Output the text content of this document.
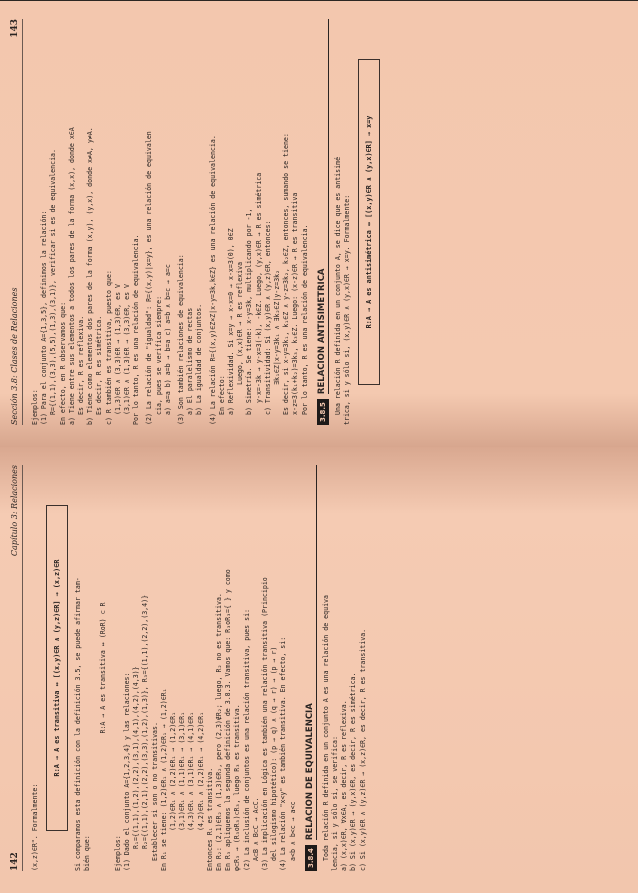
142
Capítulo 3: Relaciones
(x,z)∈R". Formalmente:
R:A → A es transitiva ↔ [(x,y)∈R ∧ (y,z)∈R] → (x,z)∈R	Si comparamos esta definición con la definición 3.5, se puede afirmar tam- bién que:
R:A → A es transitiva ↔ (RoR) ⊂ R
Ejemplos: (1) Dado el conjunto A={1,2,3,4} y las relaciones: R₁={(1,1),(1,2),(2,2),(3,1),(4,1),(4,2),(4,3)} R₂={(1,1),(2,1),(2,2),(3,3),(1,2),(1,3)}, R₃={(1,1),(2,2),(3,4)} Establecer si son o no transitivas. En R₁ se tiene: (1,2)∈R₁ ∧ (1,2)∈R₁ → (1,2)∈R₁ (1,2)∈R₁ ∧ (2,2)∈R₁ → (1,2)∈R₁ (3,1)∈R₁ ∧ (1,1)∈R₁ → (3,1)∈R₁ (4,3)∈R₁ ∧ (3,1)∈R₁ → (4,1)∈R₁ (4,2)∈R₁ ∧ (2,2)∈R₁ → (4,2)∈R₁ Entonces R₁ es transitiva. En R₂: (2,1)∈R₂ ∧ (1,3)∈R₂, pero (2,3)∉R₂; luego, R₂ no es transitiva. En R₃ apliquemos la segunda definición de 3.8.3. Vamos que: R₃oR₃={ } y como φ⊂R₃ → (R₃oR₃)⊂R₃, luego R₃ es transitiva. (2) La inclusión de conjuntos es una relación transitiva, pues si: A⊂B ∧ B⊂C → A⊂C. (3) La implicación en Lógica es también una relación transitiva (Principio del silogismo hipotético): (p → q) ∧ (q → r) → (p → r) (4) La relación "x<y" es también transitiva. En efecto, si: a<b ∧ b<c → a<c 3.8.4
RELACION DE EQUIVALENCIA	Toda relación R definida en un conjunto A es una relación de equiva lencia, si y sólo si, se verifica: a) (x,x)∈R, ∀x∈A, es decir, R es reflexiva. b) Si (x,y)∈R → (y,x)∈R, es decir, R es simétrica. c) Si (x,y)∈R ∧ (y,z)∈R → (x,z)∈R, es decir, R es transitiva.
Sección 3.8: Clases de Relaciones
143
Ejemplos: (1) Para el conjunto A={1,3,5}, definimos la relación: R={(1,1),(3,3),(5,5),(1,3),(3,1)}, verificar si es de equivalencia. En efecto, en R observamos que: a) Tiene entre sus elementos a todos los pares de la forma (x,x), donde x∈A Es decir, R es reflexiva. b) Tiene como elementos dos pares de la forma (x,y), (y,x), donde x≠A, y≠A. Es decir, R es simétrica. c) R también es transitiva, puesto que: (1,3)∈R ∧ (3,3)∈R → (1,3)∈R, es V (3,1)∈R ∧ (1,3)∈R → (3,3)∈R, es V Por lo tanto, R es una relación de equivalencia. (2) La relación de "igualdad": R={(x,y)|x=y}, es una relación de equivalen cia, pues se verifica siempre: a) a=a b) a=b → b=a c) a=b ∧ b=c → a=c (3) Son también relaciones de equivalencia: a) El paralelismo de rectas b) La igualdad de conjuntos. (4) La relación R={(x,y)∈Z×Z|x-y=3k,k∈Z} es una relación de equivalencia. En efecto: a) Reflexividad. Si x=y → x-x=0 → x-x=3(0), 0∈Z Luego, (x,x)∈R → R es reflexiva b) Simetría. Se tiene: x-y=3k, multiplicando por -1, y-x=-3k → y-x=3(-k), -k∈Z. Luego, (y,x)∈R → R es simétrica c) Transitividad: Si (x,y)∈R ∧ (y,z)∈R, entonces: ∃k₁∈Z|x-y=3k₁ ∧ ∃k₂∈Z|y-z=3k₂ Es decir, si x-y=3k₁, k₁∈Z ∧ y-z=3k₂, k₂∈Z, entonces, sumando se tiene: x-z=3(k₁+k₂)=3k₃, k₃∈Z. Luego: (x-z)∈R → R es transitiva Por lo tanto, R es una relación de equivalencia. 3.8.5
RELACION ANTISIMETRICA	Una relación R definida en un conjunto A, se dice que es antisimé trica, si y sólo si, (x,y)∈R ∧ (y,x)∈R → x=y. Formalmente:	R:A → A es antisimétrica ↔ [(x,y)∈R ∧ (y,x)∈R] → x=y
